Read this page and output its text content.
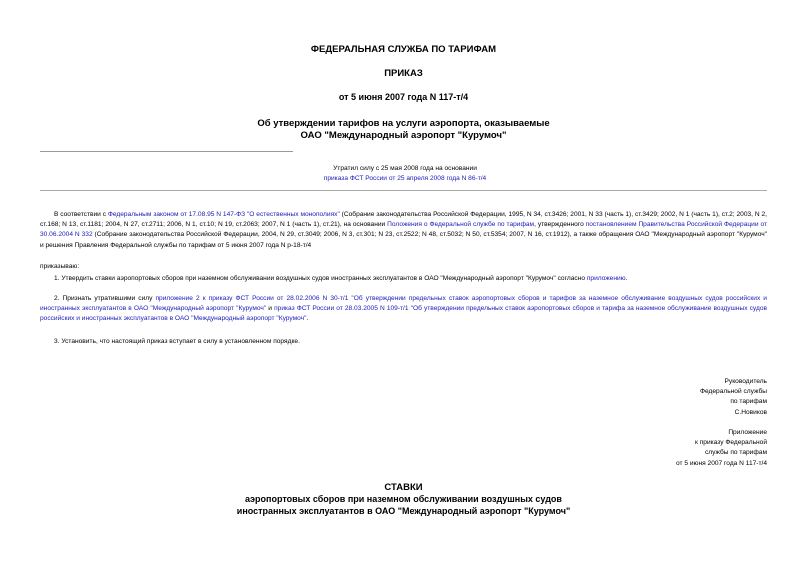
ФЕДЕРАЛЬНАЯ СЛУЖБА ПО ТАРИФАМ
ПРИКАЗ
от 5 июня 2007 года N 117-т/4
Об утверждении тарифов на услуги аэропорта, оказываемые
ОАО "Международный аэропорт "Курумоч"
Утратил силу с 25 мая 2008 года на основании
приказа ФСТ России от 25 апреля 2008 года N 86-т/4
В соответствии с Федеральным законом от 17.08.95 N 147-ФЗ "О естественных монополиях" (Собрание законодательства Российской Федерации, 1995, N 34, ст.3426; 2001, N 33 (часть 1), ст.3429; 2002, N 1 (часть 1), ст.2; 2003, N 2, ст.168; N 13, ст.1181; 2004, N 27, ст.2711; 2006, N 1, ст.10; N 19, ст.2063; 2007, N 1 (часть 1), ст.21), на основании Положения о Федеральной службе по тарифам, утвержденного постановлением Правительства Российской Федерации от 30.06.2004 N 332 (Собрание законодательства Российской Федерации, 2004, N 29, ст.3049; 2006, N 3, ст.301; N 23, ст.2522; N 48, ст.5032; N 50, ст.5354; 2007, N 16, ст.1912), а также обращения ОАО "Международный аэропорт "Курумоч" и решения Правления Федеральной службы по тарифам от 5 июня 2007 года N р-18-т/4
приказываю:
1. Утвердить ставки аэропортовых сборов при наземном обслуживании воздушных судов иностранных эксплуатантов в ОАО "Международный аэропорт "Курумоч" согласно приложению.
2. Признать утратившими силу приложение 2 к приказу ФСТ России от 28.02.2006 N 30-т/1 "Об утверждении предельных ставок аэропортовых сборов и тарифов за наземное обслуживание воздушных судов российских и иностранных эксплуатантов в ОАО "Международный аэропорт "Курумоч" и приказ ФСТ России от 28.03.2005 N 109-т/1 "Об утверждении предельных ставок аэропортовых сборов и тарифа за наземное обслуживание воздушных судов российских и иностранных эксплуатантов в ОАО "Международный аэропорт "Курумоч".
3. Установить, что настоящий приказ вступает в силу в установленном порядке.
Руководитель
Федеральной службы
по тарифам
С.Новиков
Приложение
к приказу Федеральной
службы по тарифам
от 5 июня 2007 года N 117-т/4
СТАВКИ
аэропортовых сборов при наземном обслуживании воздушных судов
иностранных эксплуатантов в ОАО "Международный аэропорт "Курумоч"
